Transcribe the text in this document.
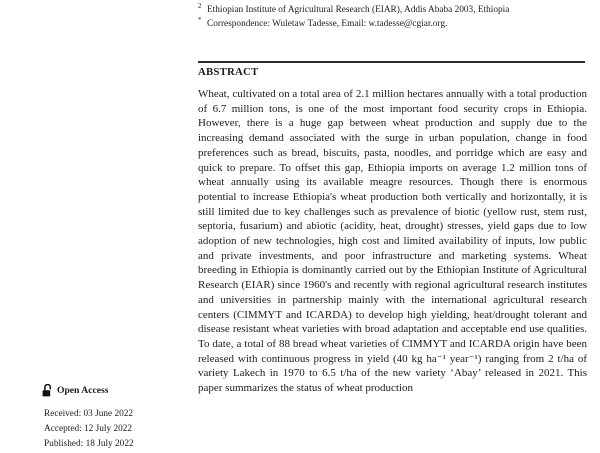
2 Ethiopian Institute of Agricultural Research (EIAR), Addis Ababa 2003, Ethiopia
* Correspondence: Wuletaw Tadesse, Email: w.tadesse@cgiar.org.
ABSTRACT
Wheat, cultivated on a total area of 2.1 million hectares annually with a total production of 6.7 million tons, is one of the most important food security crops in Ethiopia. However, there is a huge gap between wheat production and supply due to the increasing demand associated with the surge in urban population, change in food preferences such as bread, biscuits, pasta, noodles, and porridge which are easy and quick to prepare. To offset this gap, Ethiopia imports on average 1.2 million tons of wheat annually using its available meagre resources. Though there is enormous potential to increase Ethiopia's wheat production both vertically and horizontally, it is still limited due to key challenges such as prevalence of biotic (yellow rust, stem rust, septoria, fusarium) and abiotic (acidity, heat, drought) stresses, yield gaps due to low adoption of new technologies, high cost and limited availability of inputs, low public and private investments, and poor infrastructure and marketing systems. Wheat breeding in Ethiopia is dominantly carried out by the Ethiopian Institute of Agricultural Research (EIAR) since 1960's and recently with regional agricultural research institutes and universities in partnership mainly with the international agricultural research centers (CIMMYT and ICARDA) to develop high yielding, heat/drought tolerant and disease resistant wheat varieties with broad adaptation and acceptable end use qualities. To date, a total of 88 bread wheat varieties of CIMMYT and ICARDA origin have been released with continuous progress in yield (40 kg ha⁻¹ year⁻¹) ranging from 2 t/ha of variety Lakech in 1970 to 6.5 t/ha of the new variety ‘Abay’ released in 2021. This paper summarizes the status of wheat production
Open Access
Received: 03 June 2022
Accepted: 12 July 2022
Published: 18 July 2022
